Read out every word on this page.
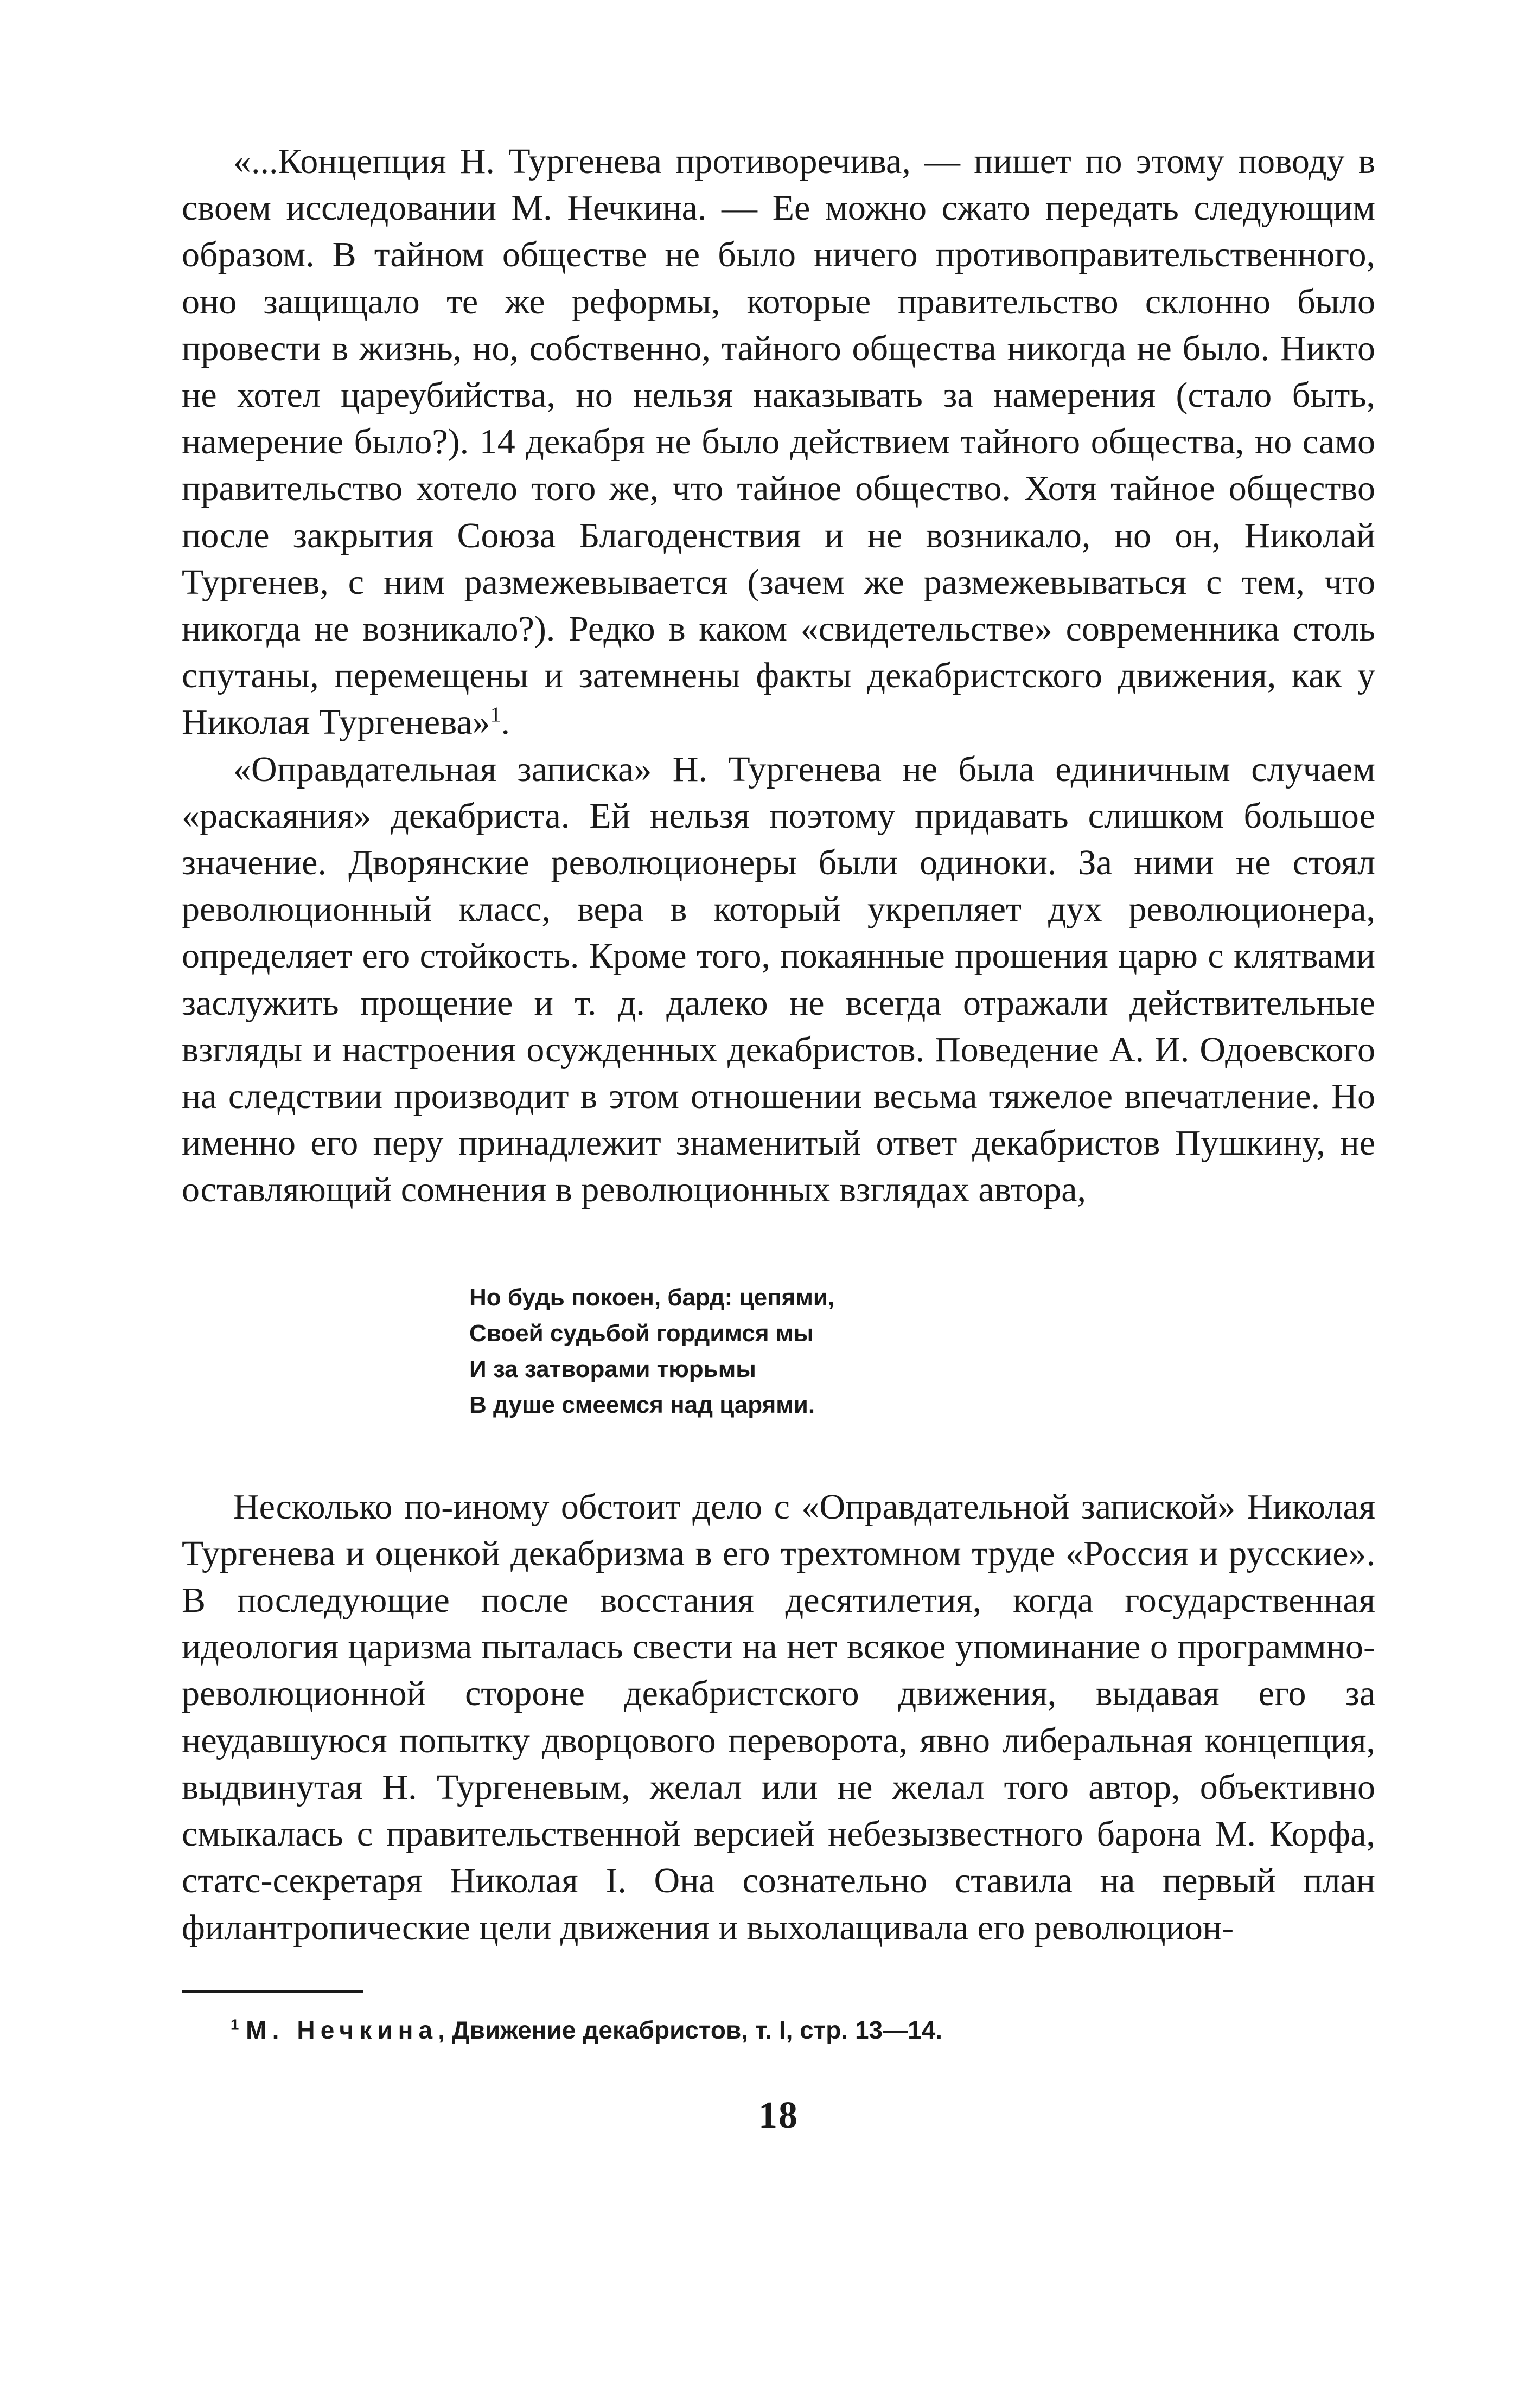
«...Концепция Н. Тургенева противоречива, — пишет по этому поводу в своем исследовании М. Нечкина. — Ее можно сжато передать следующим образом. В тайном обществе не было ничего противоправительственного, оно защищало те же реформы, которые правительство склонно было провести в жизнь, но, собственно, тайного общества никогда не было. Никто не хотел цареубийства, но нельзя наказывать за намерения (стало быть, намерение было?). 14 декабря не было действием тайного общества, но само правительство хотело того же, что тайное общество. Хотя тайное общество после закрытия Союза Благоденствия и не возникало, но он, Николай Тургенев, с ним размежевывается (зачем же размежевываться с тем, что никогда не возникало?). Редко в каком «свидетельстве» современника столь спутаны, перемещены и затемнены факты декабристского движения, как у Николая Тургенева»$^1$.

«Оправдательная записка» Н. Тургенева не была единичным случаем «раскаяния» декабриста. Ей нельзя поэтому придавать слишком большое значение. Дворянские революционеры были одиноки. За ними не стоял революционный класс, вера в который укрепляет дух революционера, определяет его стойкость. Кроме того, покаянные прошения царю с клятвами заслужить прощение и т. д. далеко не всегда отражали действительные взгляды и настроения осужденных декабристов. Поведение А. И. Одоевского на следствии производит в этом отношении весьма тяжелое впечатление. Но именно его перу принадлежит знаменитый ответ декабристов Пушкину, не оставляющий сомнения в революционных взглядах автора,

Но будь покоен, бард: цепями,
Своей судьбой гордимся мы
И за затворами тюрьмы
В душе смеемся над царями.

Несколько по-иному обстоит дело с «Оправдательной запиской» Николая Тургенева и оценкой декабризма в его трехтомном труде «Россия и русские». В последующие после восстания десятилетия, когда государственная идеология царизма пыталась свести на нет всякое упоминание о программно-революционной стороне декабристского движения, выдавая его за неудавшуюся попытку дворцового переворота, явно либеральная концепция, выдвинутая Н. Тургеневым, желал или не желал того автор, объективно смыкалась с правительственной версией небезызвестного барона М. Корфа, статс-секретаря Николая I. Она сознательно ставила на первый план филантропические цели движения и выхолащивала его революцион-

$^1$ М. Нечкина, Движение декабристов, т. I, стр. 13—14.
18
